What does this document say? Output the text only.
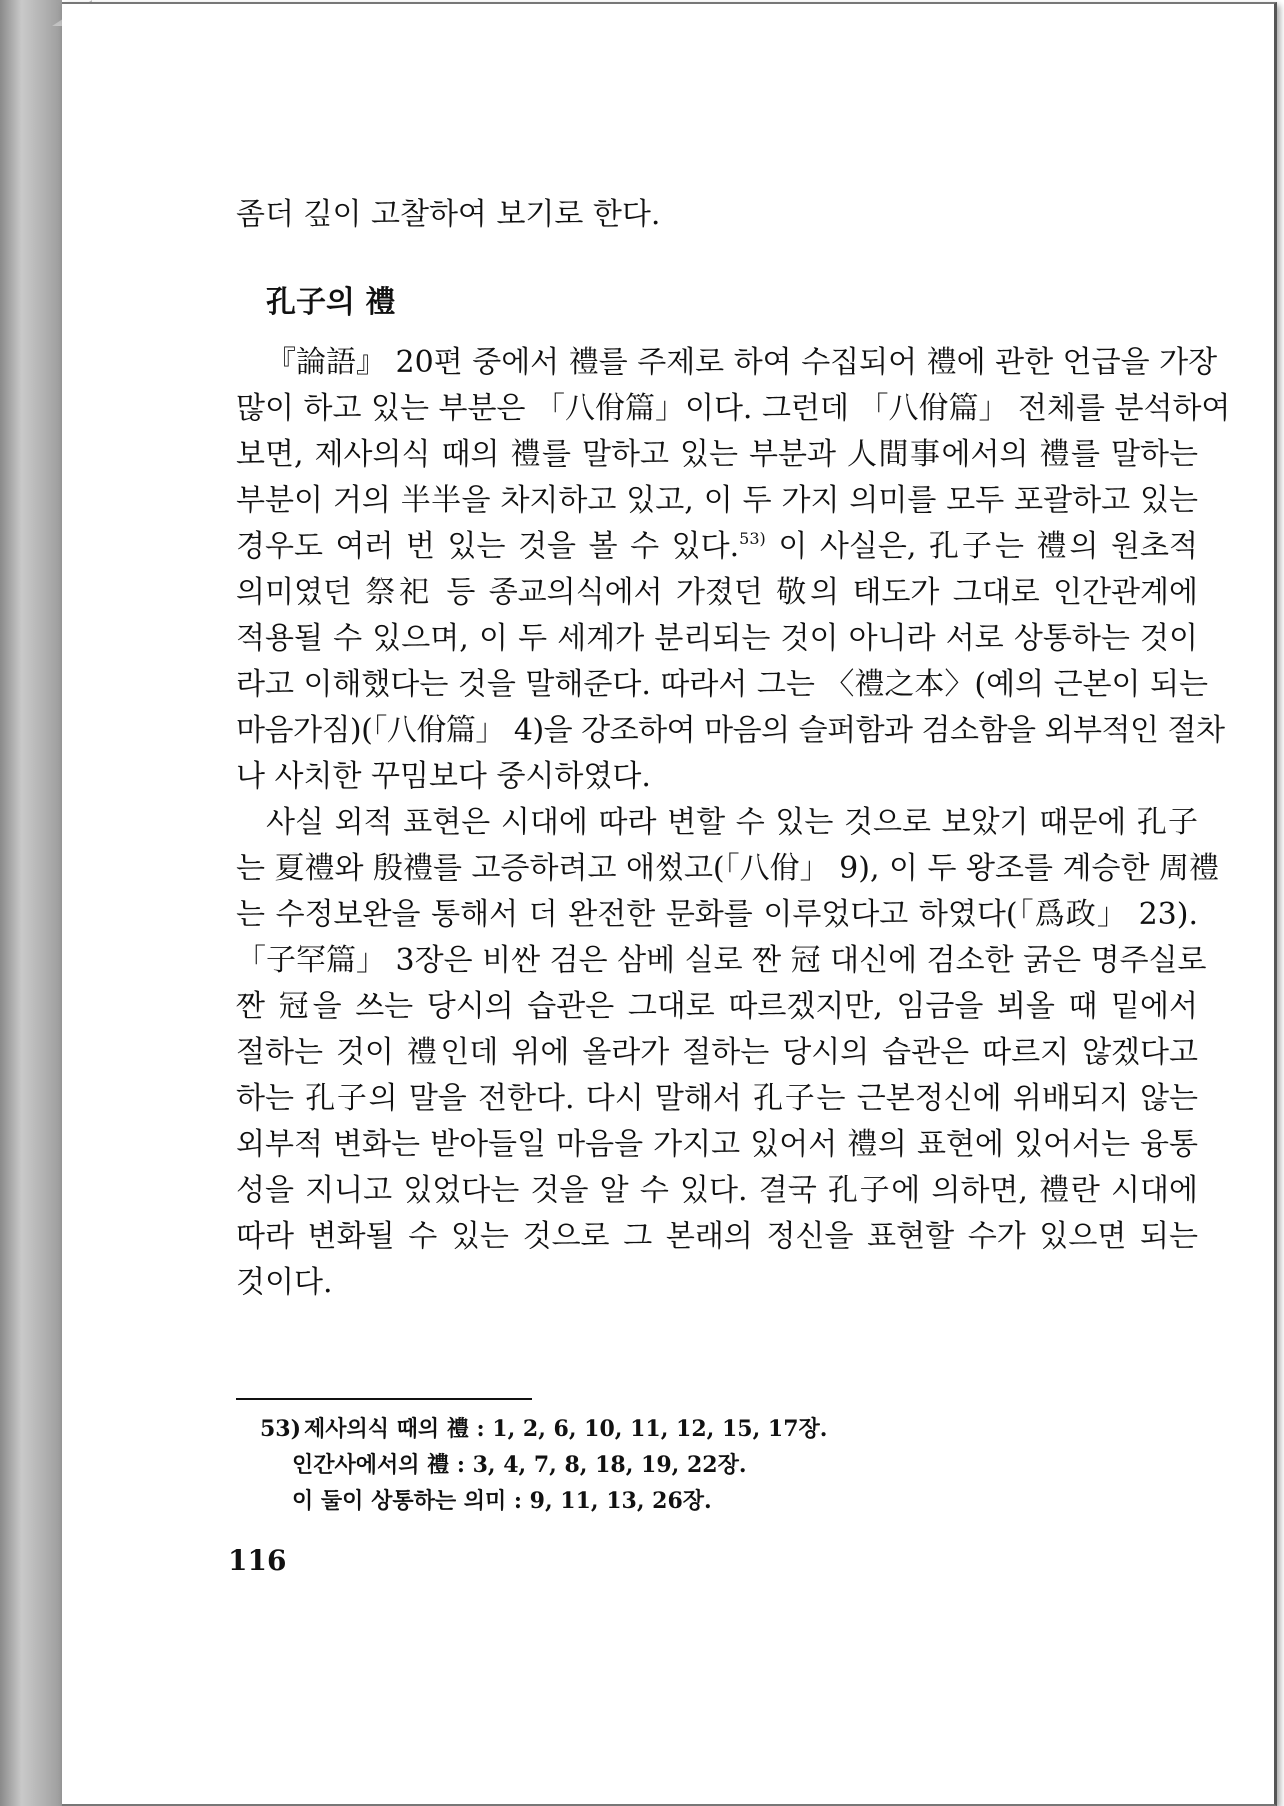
좀더 깊이 고찰하여 보기로 한다.
孔子의 禮
『論語』 20편 중에서 禮를 주제로 하여 수집되어 禮에 관한 언급을 가장
많이 하고 있는 부분은 「八佾篇」이다. 그런데 「八佾篇」 전체를 분석하여
보면, 제사의식 때의 禮를 말하고 있는 부분과 人間事에서의 禮를 말하는
부분이 거의 半半을 차지하고 있고, 이 두 가지 의미를 모두 포괄하고 있는
경우도 여러 번 있는 것을 볼 수 있다.$^{53)}$ 이 사실은, 孔子는 禮의 원초적
의미였던 祭祀 등 종교의식에서 가졌던 敬의 태도가 그대로 인간관계에
적용될 수 있으며, 이 두 세계가 분리되는 것이 아니라 서로 상통하는 것이
라고 이해했다는 것을 말해준다. 따라서 그는 〈禮之本〉(예의 근본이 되는
마음가짐)(「八佾篇」 4)을 강조하여 마음의 슬퍼함과 검소함을 외부적인 절차
나 사치한 꾸밈보다 중시하였다.
사실 외적 표현은 시대에 따라 변할 수 있는 것으로 보았기 때문에 孔子
는 夏禮와 殷禮를 고증하려고 애썼고(「八佾」 9), 이 두 왕조를 계승한 周禮
는 수정보완을 통해서 더 완전한 문화를 이루었다고 하였다(「爲政」 23).
「子罕篇」 3장은 비싼 검은 삼베 실로 짠 冠 대신에 검소한 굵은 명주실로
짠 冠을 쓰는 당시의 습관은 그대로 따르겠지만, 임금을 뵈올 때 밑에서
절하는 것이 禮인데 위에 올라가 절하는 당시의 습관은 따르지 않겠다고
하는 孔子의 말을 전한다. 다시 말해서 孔子는 근본정신에 위배되지 않는
외부적 변화는 받아들일 마음을 가지고 있어서 禮의 표현에 있어서는 융통
성을 지니고 있었다는 것을 알 수 있다. 결국 孔子에 의하면, 禮란 시대에
따라 변화될 수 있는 것으로 그 본래의 정신을 표현할 수가 있으면 되는
것이다.
53) 제사의식 때의 禮 : 1, 2, 6, 10, 11, 12, 15, 17장.
인간사에서의 禮 : 3, 4, 7, 8, 18, 19, 22장.
이 둘이 상통하는 의미 : 9, 11, 13, 26장.
116
